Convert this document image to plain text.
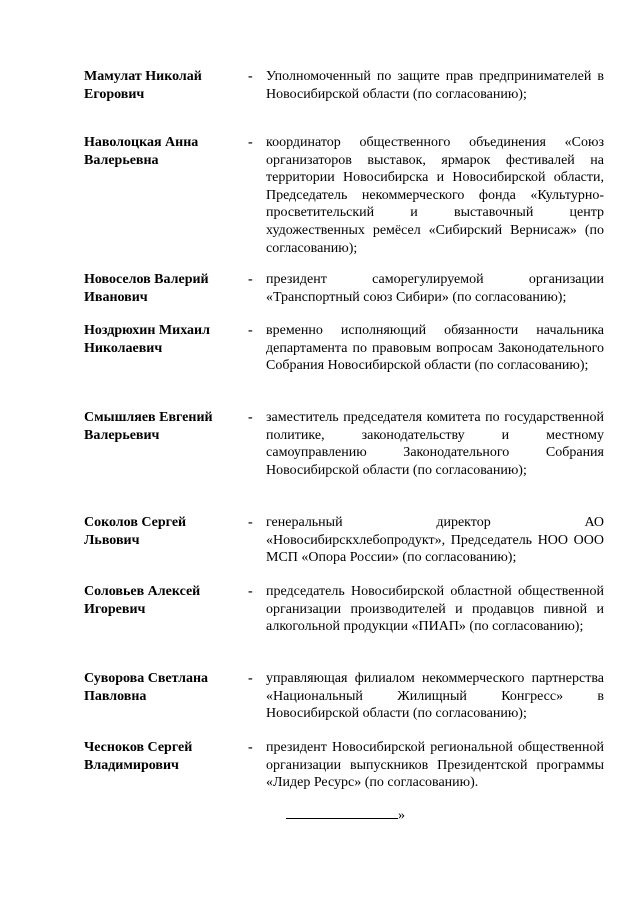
Мамулат Николай Егорович
- Уполномоченный по защите прав предпринимателей в Новосибирской области (по согласованию);
Наволоцкая Анна Валерьевна
- координатор общественного объединения «Союз организаторов выставок, ярмарок фестивалей на территории Новосибирска и Новосибирской области, Председатель некоммерческого фонда «Культурно-просветительский и выставочный центр художественных ремёсел «Сибирский Вернисаж» (по согласованию);
Новоселов Валерий Иванович
- президент саморегулируемой организации «Транспортный союз Сибири» (по согласованию);
Ноздрюхин Михаил Николаевич
- временно исполняющий обязанности начальника департамента по правовым вопросам Законодательного Собрания Новосибирской области (по согласованию);
Смышляев Евгений Валерьевич
- заместитель председателя комитета по государственной политике, законодательству и местному самоуправлению Законодательного Собрания Новосибирской области (по согласованию);
Соколов Сергей Львович
- генеральный директор АО «Новосибирскхлебопродукт», Председатель НОО ООО МСП «Опора России» (по согласованию);
Соловьев Алексей Игоревич
- председатель Новосибирской областной общественной организации производителей и продавцов пивной и алкогольной продукции «ПИАП» (по согласованию);
Суворова Светлана Павловна
- управляющая филиалом некоммерческого партнерства «Национальный Жилищный Конгресс» в Новосибирской области (по согласованию);
Чесноков Сергей Владимирович
- президент Новосибирской региональной общественной организации выпускников Президентской программы «Лидер Ресурс» (по согласованию).
»
